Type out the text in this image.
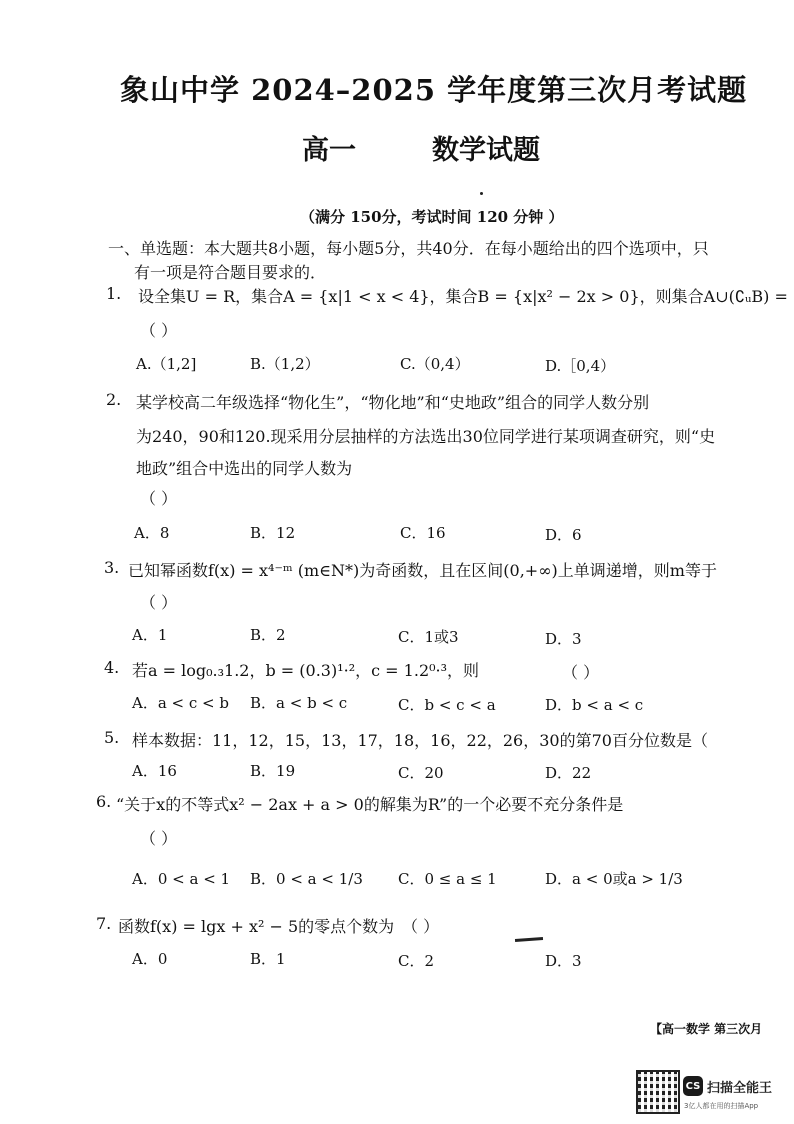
象山中学 2024–2025 学年度第三次月考试题
高一	数学试题
（满分 150分，考试时间 120 分钟 ）
一、单选题：本大题共8小题，每小题5分，共40分．在每小题给出的四个选项中，只
有一项是符合题目要求的．
1. 设全集U = R，集合A = {x|1 < x < 4}，集合B = {x|x² − 2x > 0}，则集合A∪(∁ᵤB) =
（ ）
A.（1,2]	B.（1,2）	C.（0,4）	D.［0,4）
2. 某学校高二年级选择“物化生”，“物化地”和“史地政”组合的同学人数分别
为240，90和120.现采用分层抽样的方法选出30位同学进行某项调查研究，则“史
地政”组合中选出的同学人数为
（ ）
A．8	B．12	C．16	D．6
3. 已知幂函数f(x) = x⁴⁻ᵐ (m∈N*)为奇函数，且在区间(0,+∞)上单调递增，则m等于
（ ）
A．1	B．2	C．1或3	D．3
4. 若a = log₀.₃1.2，b = (0.3)¹·²，c = 1.2⁰·³，则	（ ）
A．a < c < b B．a < b < c	C．b < c < a	D．b < a < c
5. 样本数据：11，12，15，13，17，18，16，22，26，30的第70百分位数是（
A．16	B．19	C．20	D．22
6. “关于x的不等式x² − 2ax + a > 0的解集为R”的一个必要不充分条件是
（ ）
A．0 < a < 1 B．0 < a < 1/3 C．0 ≤ a ≤ 1	D．a < 0或a > 1/3
7. 函数f(x) = lgx + x² − 5的零点个数为 （ ）
A．0	B．1	C．2	D．3
【高一数学 第三次月
CS 扫描全能王
3亿人都在用的扫描App
